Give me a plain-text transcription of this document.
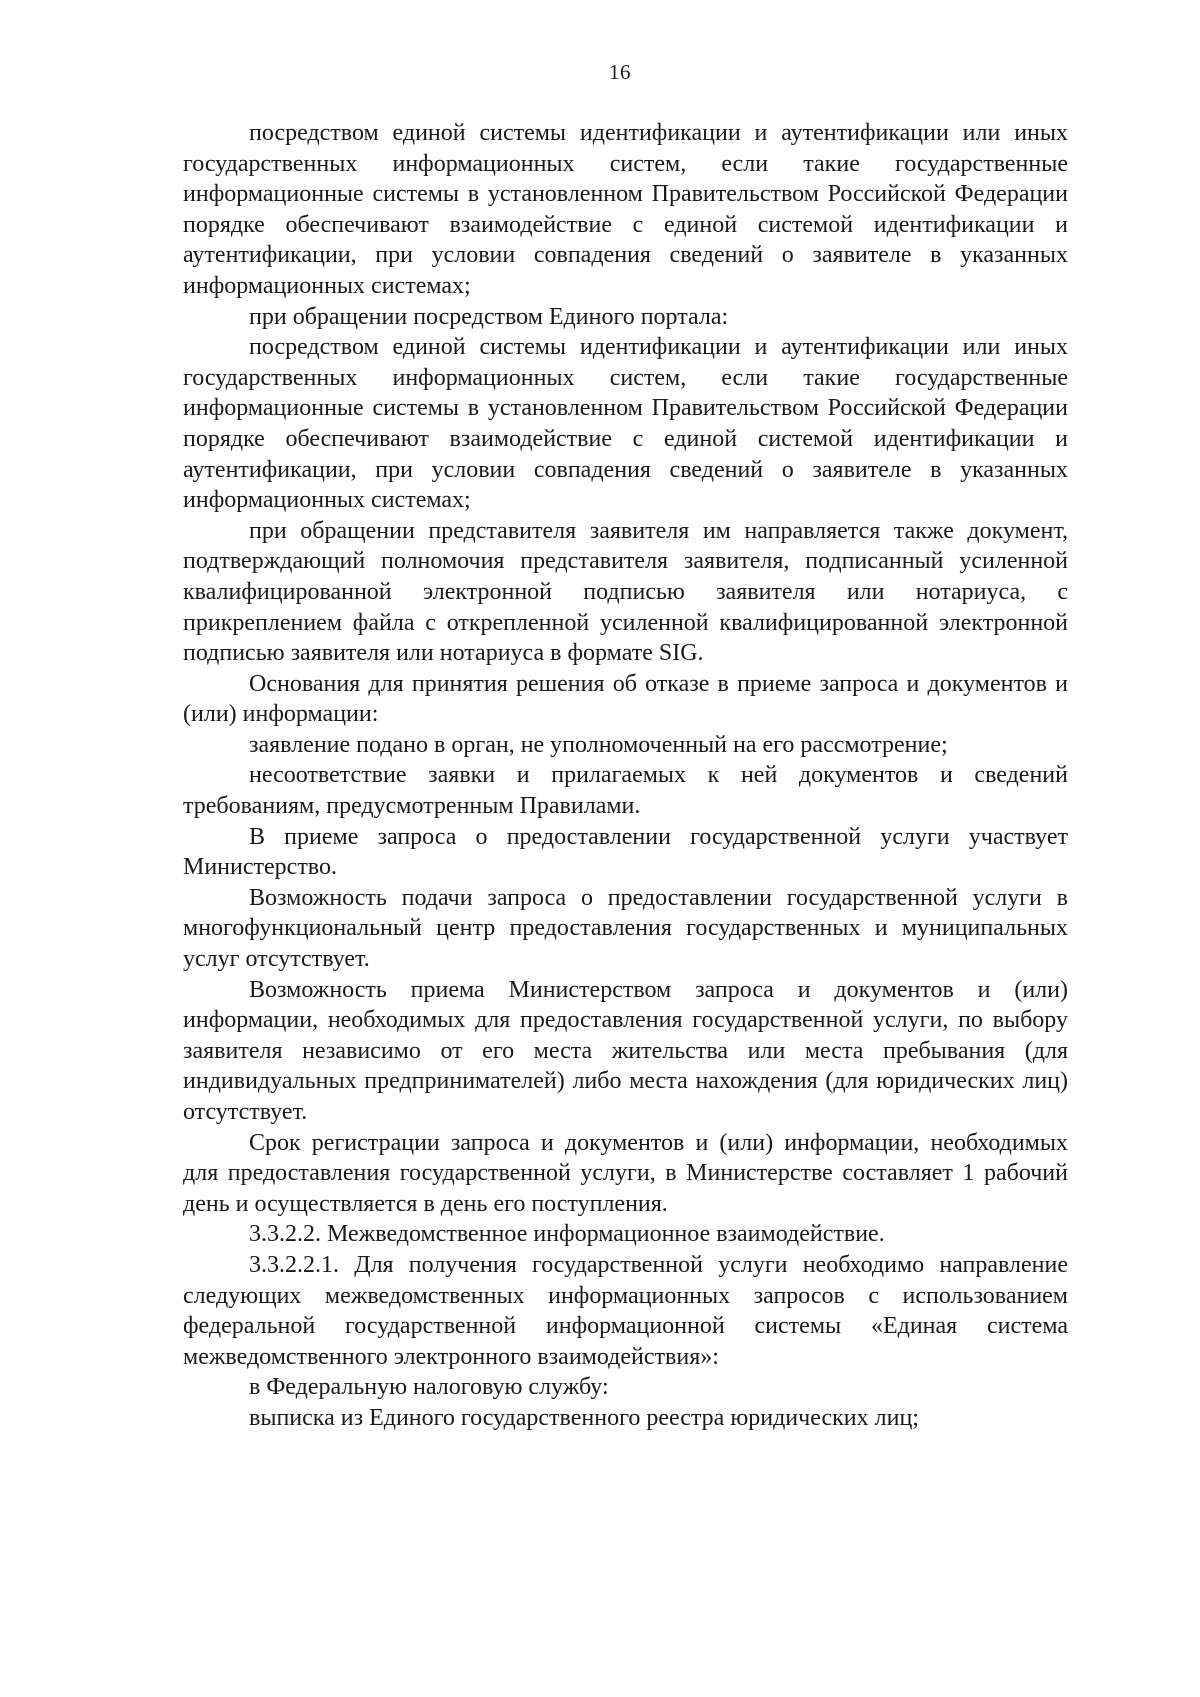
16

посредством единой системы идентификации и аутентификации или иных государственных информационных систем, если такие государственные информационные системы в установленном Правительством Российской Федерации порядке обеспечивают взаимодействие с единой системой идентификации и аутентификации, при условии совпадения сведений о заявителе в указанных информационных системах;

при обращении посредством Единого портала:

посредством единой системы идентификации и аутентификации или иных государственных информационных систем, если такие государственные информационные системы в установленном Правительством Российской Федерации порядке обеспечивают взаимодействие с единой системой идентификации и аутентификации, при условии совпадения сведений о заявителе в указанных информационных системах;

при обращении представителя заявителя им направляется также документ, подтверждающий полномочия представителя заявителя, подписанный усиленной квалифицированной электронной подписью заявителя или нотариуса, с прикреплением файла с открепленной усиленной квалифицированной электронной подписью заявителя или нотариуса в формате SIG.

Основания для принятия решения об отказе в приеме запроса и документов и (или) информации:

заявление подано в орган, не уполномоченный на его рассмотрение;

несоответствие заявки и прилагаемых к ней документов и сведений требованиям, предусмотренным Правилами.

В приеме запроса о предоставлении государственной услуги участвует Министерство.

Возможность подачи запроса о предоставлении государственной услуги в многофункциональный центр предоставления государственных и муниципальных услуг отсутствует.

Возможность приема Министерством запроса и документов и (или) информации, необходимых для предоставления государственной услуги, по выбору заявителя независимо от его места жительства или места пребывания (для индивидуальных предпринимателей) либо места нахождения (для юридических лиц) отсутствует.

Срок регистрации запроса и документов и (или) информации, необходимых для предоставления государственной услуги, в Министерстве составляет 1 рабочий день и осуществляется в день его поступления.

3.3.2.2. Межведомственное информационное взаимодействие.

3.3.2.2.1. Для получения государственной услуги необходимо направление следующих межведомственных информационных запросов с использованием федеральной государственной информационной системы «Единая система межведомственного электронного взаимодействия»:

в Федеральную налоговую службу:

выписка из Единого государственного реестра юридических лиц;
